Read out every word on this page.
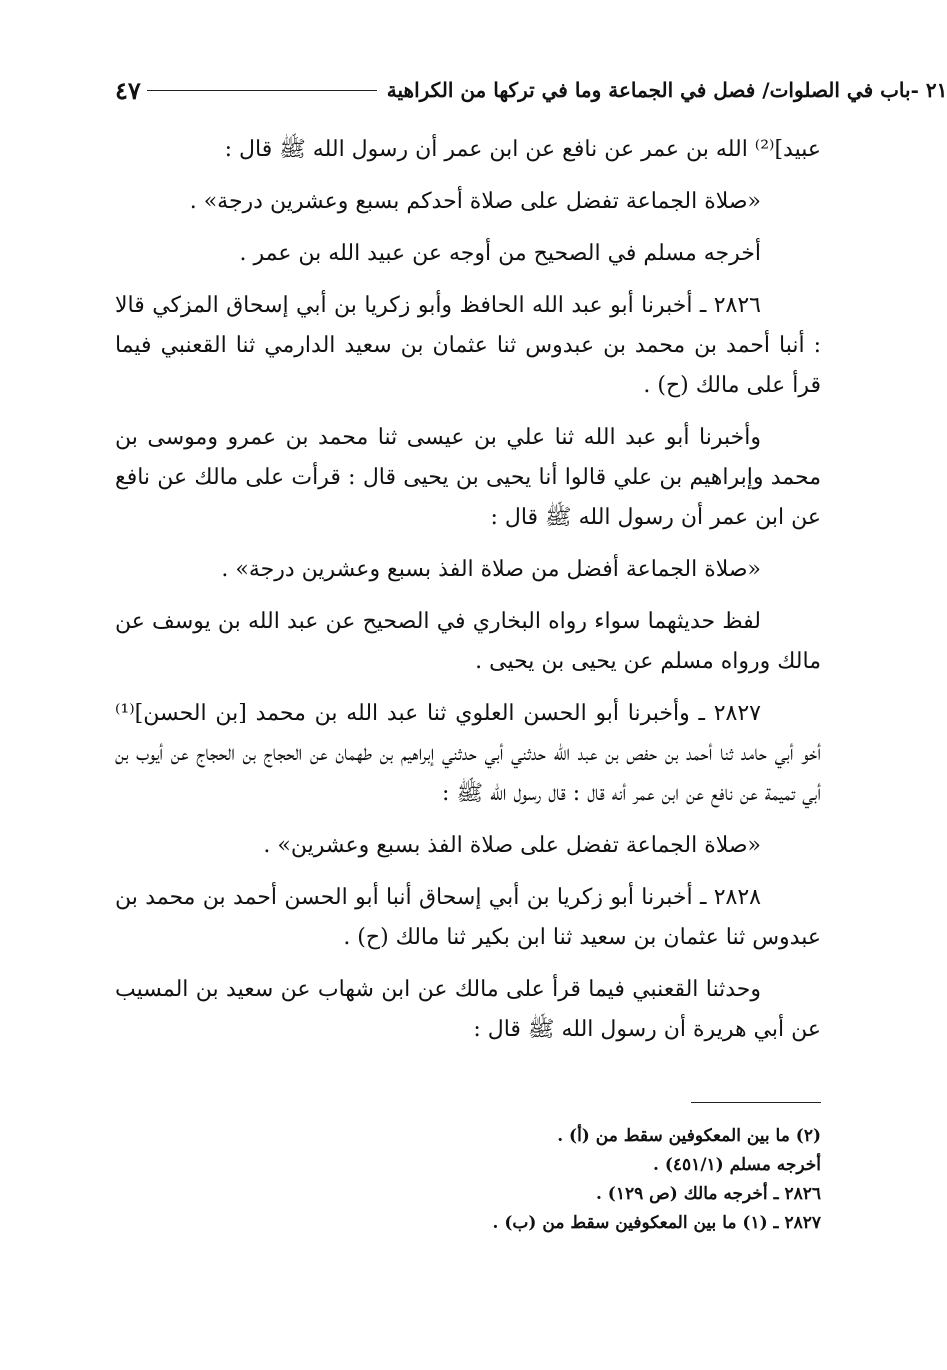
٤٧	٢١ -باب في الصلوات/ فصل في الجماعة وما في تركها من الكراهية

عبيد]⁽²⁾ الله بن عمر عن نافع عن ابن عمر أن رسول الله ﷺ قال :

«صلاة الجماعة تفضل على صلاة أحدكم بسبع وعشرين درجة» .

أخرجه مسلم في الصحيح من أوجه عن عبيد الله بن عمر .

٢٨٢٦ ـ أخبرنا أبو عبد الله الحافظ وأبو زكريا بن أبي إسحاق المزكي قالا : أنبا أحمد بن محمد بن عبدوس ثنا عثمان بن سعيد الدارمي ثنا القعنبي فيما قرأ على مالك (ح) .

وأخبرنا أبو عبد الله ثنا علي بن عيسى ثنا محمد بن عمرو وموسى بن محمد وإبراهيم بن علي قالوا أنا يحيى بن يحيى قال : قرأت على مالك عن نافع عن ابن عمر أن رسول الله ﷺ قال :

«صلاة الجماعة أفضل من صلاة الفذ بسبع وعشرين درجة» .

لفظ حديثهما سواء رواه البخاري في الصحيح عن عبد الله بن يوسف عن مالك ورواه مسلم عن يحيى بن يحيى .

٢٨٢٧ ـ وأخبرنا أبو الحسن العلوي ثنا عبد الله بن محمد [بن الحسن]⁽¹⁾ أخو أبي حامد ثنا أحمد بن حفص بن عبد الله حدثني أبي حدثني إبراهيم بن طهمان عن الحجاج بن الحجاج عن أيوب بن أبي تميمة عن نافع عن ابن عمر أنه قال : قال رسول الله ﷺ :

«صلاة الجماعة تفضل على صلاة الفذ بسبع وعشرين» .

٢٨٢٨ ـ أخبرنا أبو زكريا بن أبي إسحاق أنبا أبو الحسن أحمد بن محمد بن عبدوس ثنا عثمان بن سعيد ثنا ابن بكير ثنا مالك (ح) .

وحدثنا القعنبي فيما قرأ على مالك عن ابن شهاب عن سعيد بن المسيب عن أبي هريرة أن رسول الله ﷺ قال :

(٢) ما بين المعكوفين سقط من (أ) .
أخرجه مسلم (٤٥١/١) .
٢٨٢٦ ـ أخرجه مالك (ص ١٢٩) .
٢٨٢٧ ـ (١) ما بين المعكوفين سقط من (ب) .
